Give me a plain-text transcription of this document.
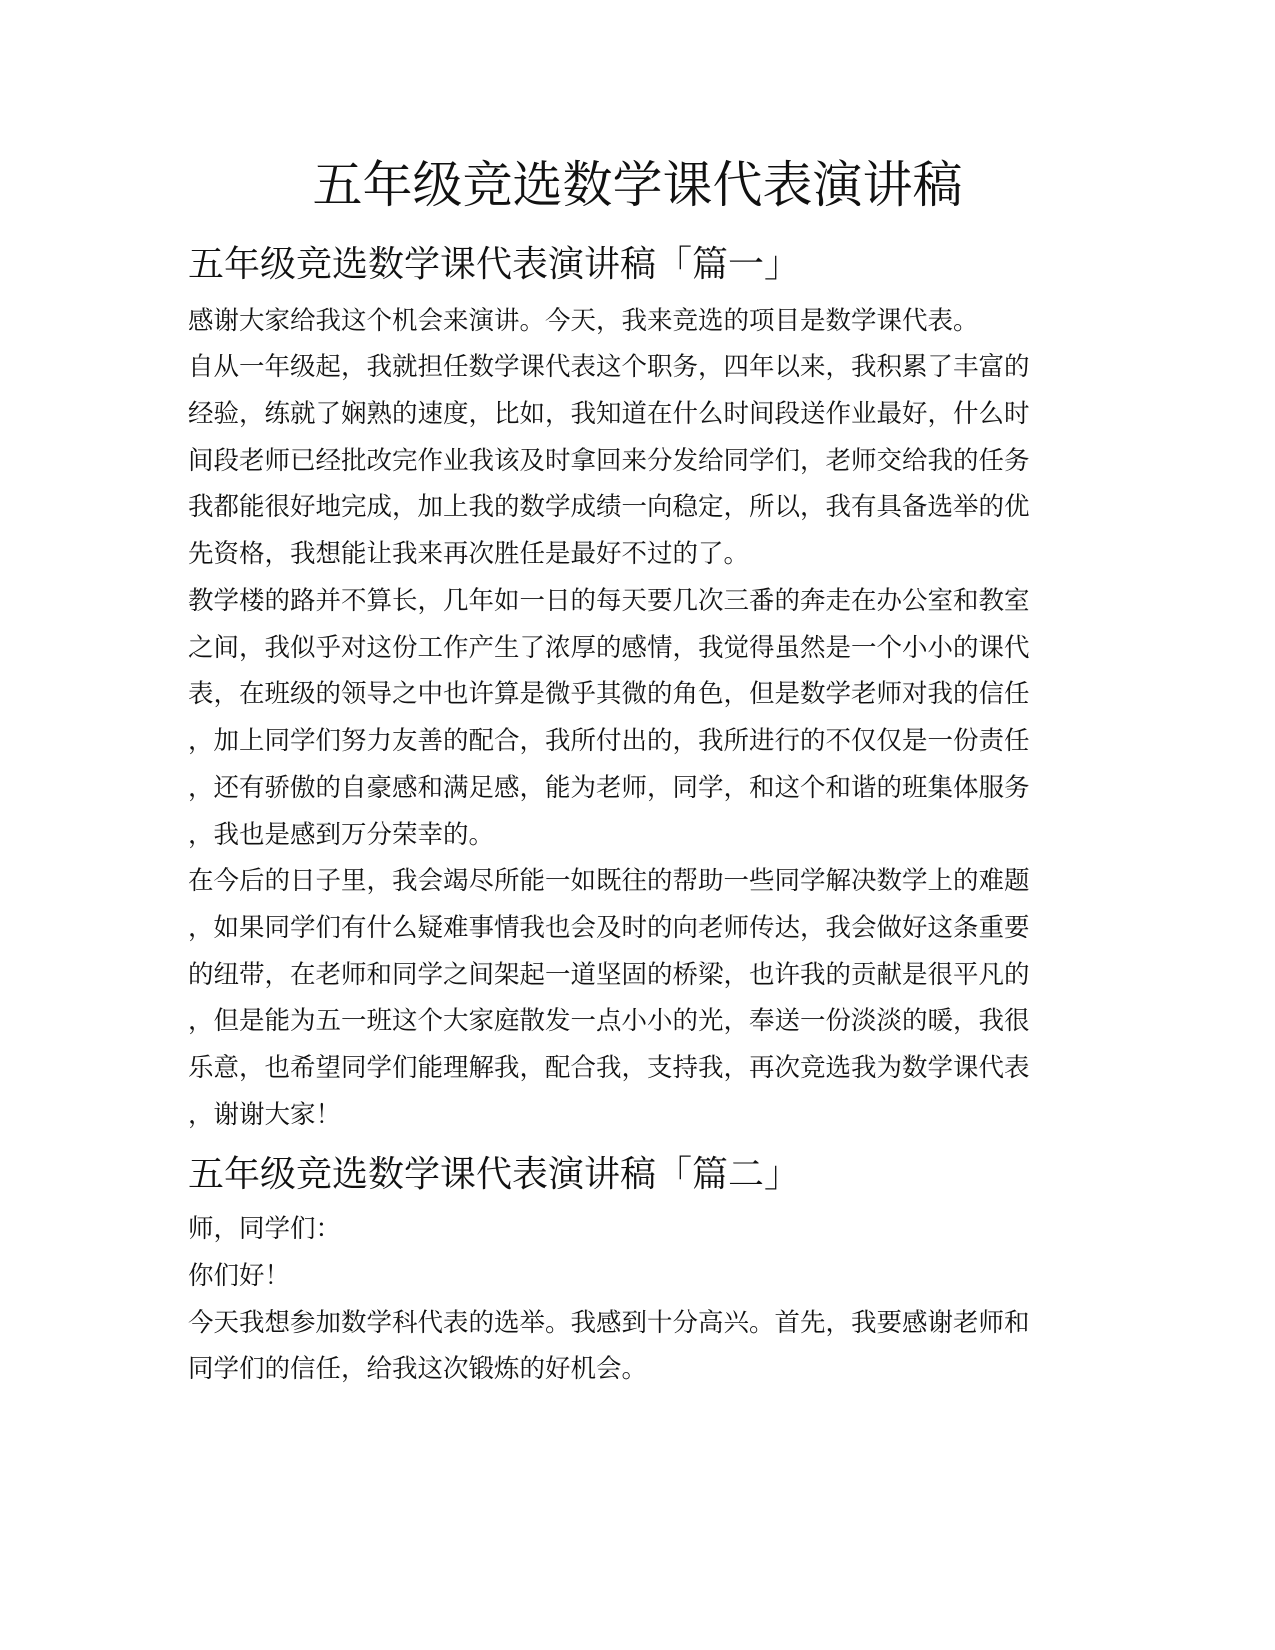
五年级竞选数学课代表演讲稿
五年级竞选数学课代表演讲稿「篇一」

感谢大家给我这个机会来演讲。今天，我来竞选的项目是数学课代表。

自从一年级起，我就担任数学课代表这个职务，四年以来，我积累了丰富的

经验，练就了娴熟的速度，比如，我知道在什么时间段送作业最好，什么时

间段老师已经批改完作业我该及时拿回来分发给同学们，老师交给我的任务

我都能很好地完成，加上我的数学成绩一向稳定，所以，我有具备选举的优

先资格，我想能让我来再次胜任是最好不过的了。

教学楼的路并不算长，几年如一日的每天要几次三番的奔走在办公室和教室

之间，我似乎对这份工作产生了浓厚的感情，我觉得虽然是一个小小的课代

表，在班级的领导之中也许算是微乎其微的角色，但是数学老师对我的信任

，加上同学们努力友善的配合，我所付出的，我所进行的不仅仅是一份责任

，还有骄傲的自豪感和满足感，能为老师，同学，和这个和谐的班集体服务

，我也是感到万分荣幸的。

在今后的日子里，我会竭尽所能一如既往的帮助一些同学解决数学上的难题

，如果同学们有什么疑难事情我也会及时的向老师传达，我会做好这条重要

的纽带，在老师和同学之间架起一道坚固的桥梁，也许我的贡献是很平凡的

，但是能为五一班这个大家庭散发一点小小的光，奉送一份淡淡的暖，我很

乐意，也希望同学们能理解我，配合我，支持我，再次竞选我为数学课代表

，谢谢大家！

五年级竞选数学课代表演讲稿「篇二」

师，同学们：

你们好！

今天我想参加数学科代表的选举。我感到十分高兴。首先，我要感谢老师和

同学们的信任，给我这次锻炼的好机会。
